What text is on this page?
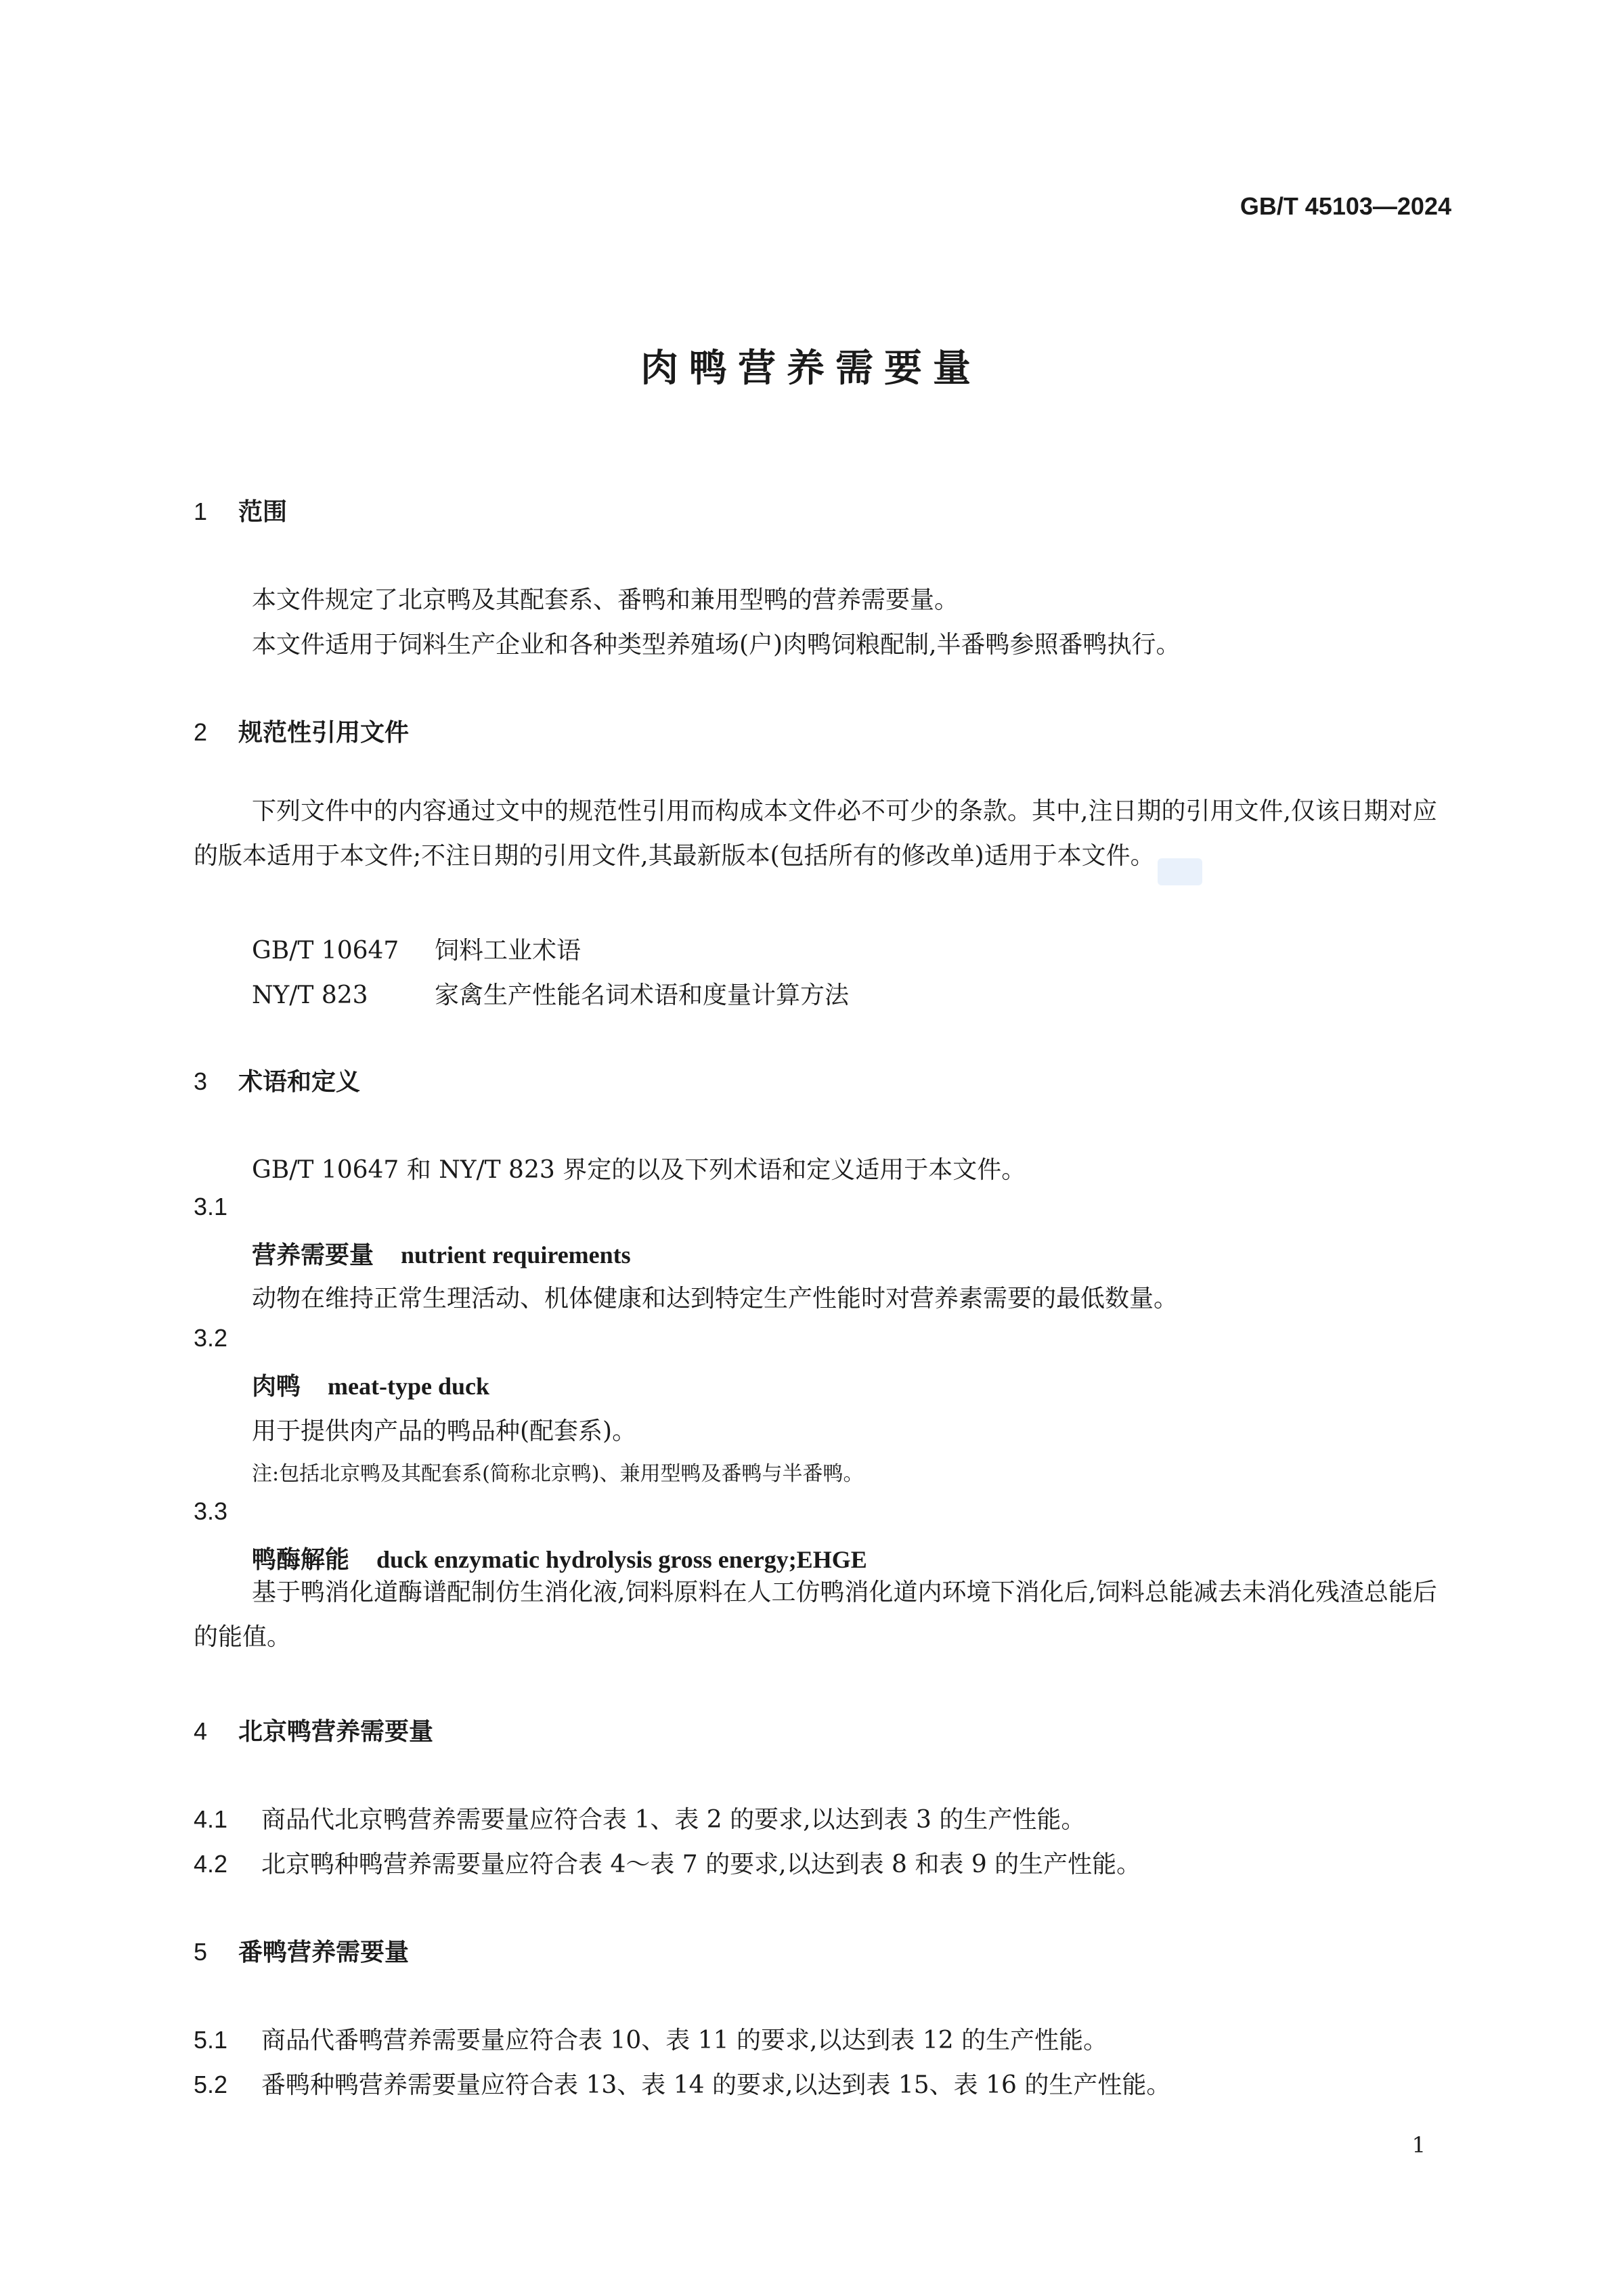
GB/T 45103—2024
肉鸭营养需要量
1 范围
本文件规定了北京鸭及其配套系、番鸭和兼用型鸭的营养需要量。
本文件适用于饲料生产企业和各种类型养殖场(户)肉鸭饲粮配制,半番鸭参照番鸭执行。
2 规范性引用文件
下列文件中的内容通过文中的规范性引用而构成本文件必不可少的条款。其中,注日期的引用文件,仅该日期对应的版本适用于本文件;不注日期的引用文件,其最新版本(包括所有的修改单)适用于本文件。
GB/T 10647 饲料工业术语
NY/T 823	家禽生产性能名词术语和度量计算方法
3 术语和定义
GB/T 10647 和 NY/T 823 界定的以及下列术语和定义适用于本文件。
3.1
营养需要量 nutrient requirements
动物在维持正常生理活动、机体健康和达到特定生产性能时对营养素需要的最低数量。
3.2
肉鸭 meat-type duck
用于提供肉产品的鸭品种(配套系)。
注:包括北京鸭及其配套系(简称北京鸭)、兼用型鸭及番鸭与半番鸭。
3.3
鸭酶解能 duck enzymatic hydrolysis gross energy;EHGE
基于鸭消化道酶谱配制仿生消化液,饲料原料在人工仿鸭消化道内环境下消化后,饲料总能减去未消化残渣总能后的能值。
4 北京鸭营养需要量
4.1 商品代北京鸭营养需要量应符合表 1、表 2 的要求,以达到表 3 的生产性能。
4.2 北京鸭种鸭营养需要量应符合表 4～表 7 的要求,以达到表 8 和表 9 的生产性能。
5 番鸭营养需要量
5.1 商品代番鸭营养需要量应符合表 10、表 11 的要求,以达到表 12 的生产性能。
5.2 番鸭种鸭营养需要量应符合表 13、表 14 的要求,以达到表 15、表 16 的生产性能。
1
